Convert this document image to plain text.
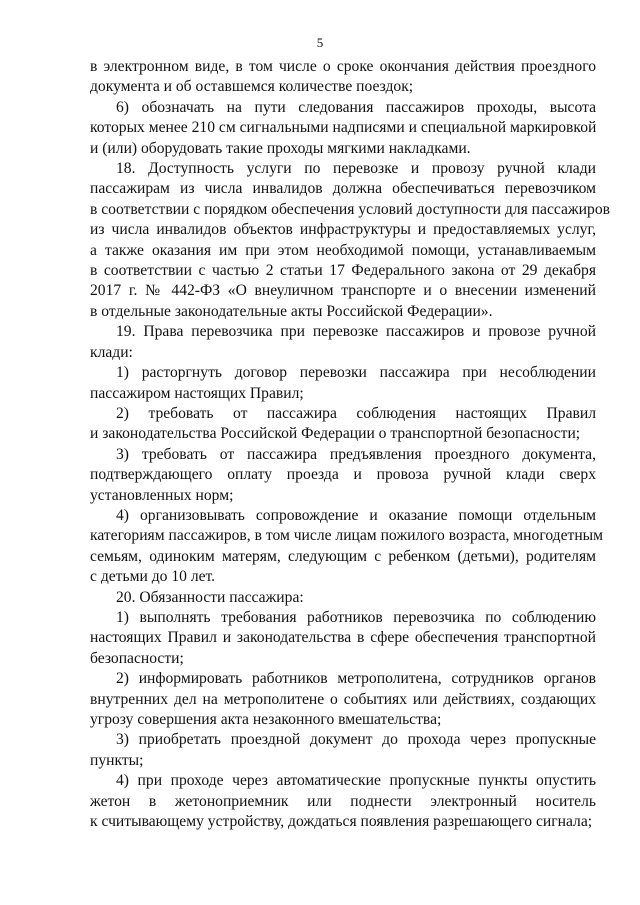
5
в электронном виде, в том числе о сроке окончания действия проездного
документа и об оставшемся количестве поездок;
6) обозначать на пути следования пассажиров проходы, высота
которых менее 210 см сигнальными надписями и специальной маркировкой
и (или) оборудовать такие проходы мягкими накладками.
18. Доступность услуги по перевозке и провозу ручной клади
пассажирам из числа инвалидов должна обеспечиваться перевозчиком
в соответствии с порядком обеспечения условий доступности для пассажиров
из числа инвалидов объектов инфраструктуры и предоставляемых услуг,
а также оказания им при этом необходимой помощи, устанавливаемым
в соответствии с частью 2 статьи 17 Федерального закона от 29 декабря
2017 г. № 442-ФЗ «О внеуличном транспорте и о внесении изменений
в отдельные законодательные акты Российской Федерации».
19. Права перевозчика при перевозке пассажиров и провозе ручной
клади:
1) расторгнуть договор перевозки пассажира при несоблюдении
пассажиром настоящих Правил;
2) требовать от пассажира соблюдения настоящих Правил
и законодательства Российской Федерации о транспортной безопасности;
3) требовать от пассажира предъявления проездного документа,
подтверждающего оплату проезда и провоза ручной клади сверх
установленных норм;
4) организовывать сопровождение и оказание помощи отдельным
категориям пассажиров, в том числе лицам пожилого возраста, многодетным
семьям, одиноким матерям, следующим с ребенком (детьми), родителям
с детьми до 10 лет.
20. Обязанности пассажира:
1) выполнять требования работников перевозчика по соблюдению
настоящих Правил и законодательства в сфере обеспечения транспортной
безопасности;
2) информировать работников метрополитена, сотрудников органов
внутренних дел на метрополитене о событиях или действиях, создающих
угрозу совершения акта незаконного вмешательства;
3) приобретать проездной документ до прохода через пропускные
пункты;
4) при проходе через автоматические пропускные пункты опустить
жетон в жетоноприемник или поднести электронный носитель
к считывающему устройству, дождаться появления разрешающего сигнала;
